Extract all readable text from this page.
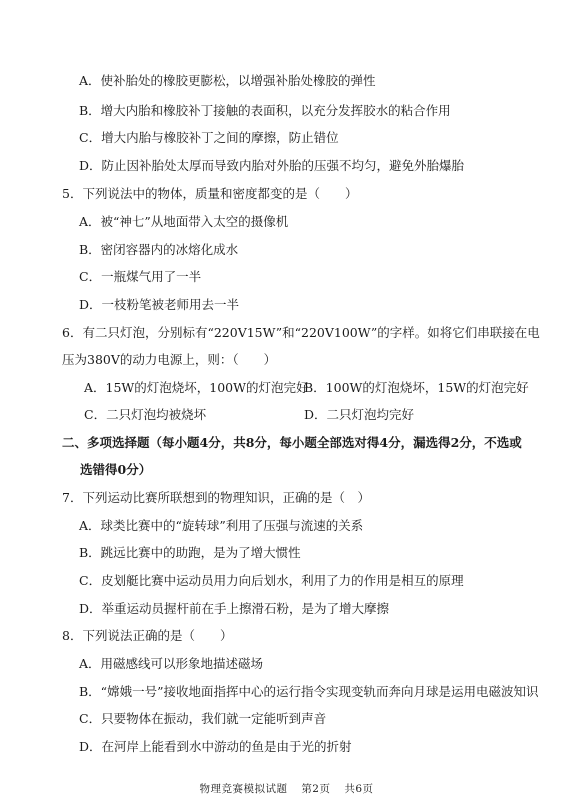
A．使补胎处的橡胶更膨松，以增强补胎处橡胶的弹性
B．增大内胎和橡胶补丁接触的表面积，以充分发挥胶水的粘合作用
C．增大内胎与橡胶补丁之间的摩擦，防止错位
D．防止因补胎处太厚而导致内胎对外胎的压强不均匀，避免外胎爆胎
5．下列说法中的物体，质量和密度都变的是（　　）
A．被“神七”从地面带入太空的摄像机
B．密闭容器内的冰熔化成水
C．一瓶煤气用了一半
D．一枝粉笔被老师用去一半
6．有二只灯泡，分别标有“220V15W”和“220V100W”的字样。如将它们串联接在电
压为380V的动力电源上，则：（　　）
A．15W的灯泡烧坏，100W的灯泡完好
B．100W的灯泡烧坏，15W的灯泡完好
C．二只灯泡均被烧坏	D．二只灯泡均完好
二、多项选择题（每小题4分，共8分，每小题全部选对得4分，漏选得2分，不选或
选错得0分）
7．下列运动比赛所联想到的物理知识，正确的是（　）
A．球类比赛中的“旋转球”利用了压强与流速的关系
B．跳远比赛中的助跑，是为了增大惯性
C．皮划艇比赛中运动员用力向后划水，利用了力的作用是相互的原理
D．举重运动员握杆前在手上擦滑石粉，是为了增大摩擦
8．下列说法正确的是（　　）
A．用磁感线可以形象地描述磁场
B．“嫦娥一号”接收地面指挥中心的运行指令实现变轨而奔向月球是运用电磁波知识
C．只要物体在振动，我们就一定能听到声音
D．在河岸上能看到水中游动的鱼是由于光的折射
物理竞赛模拟试题 第2页 共6页
